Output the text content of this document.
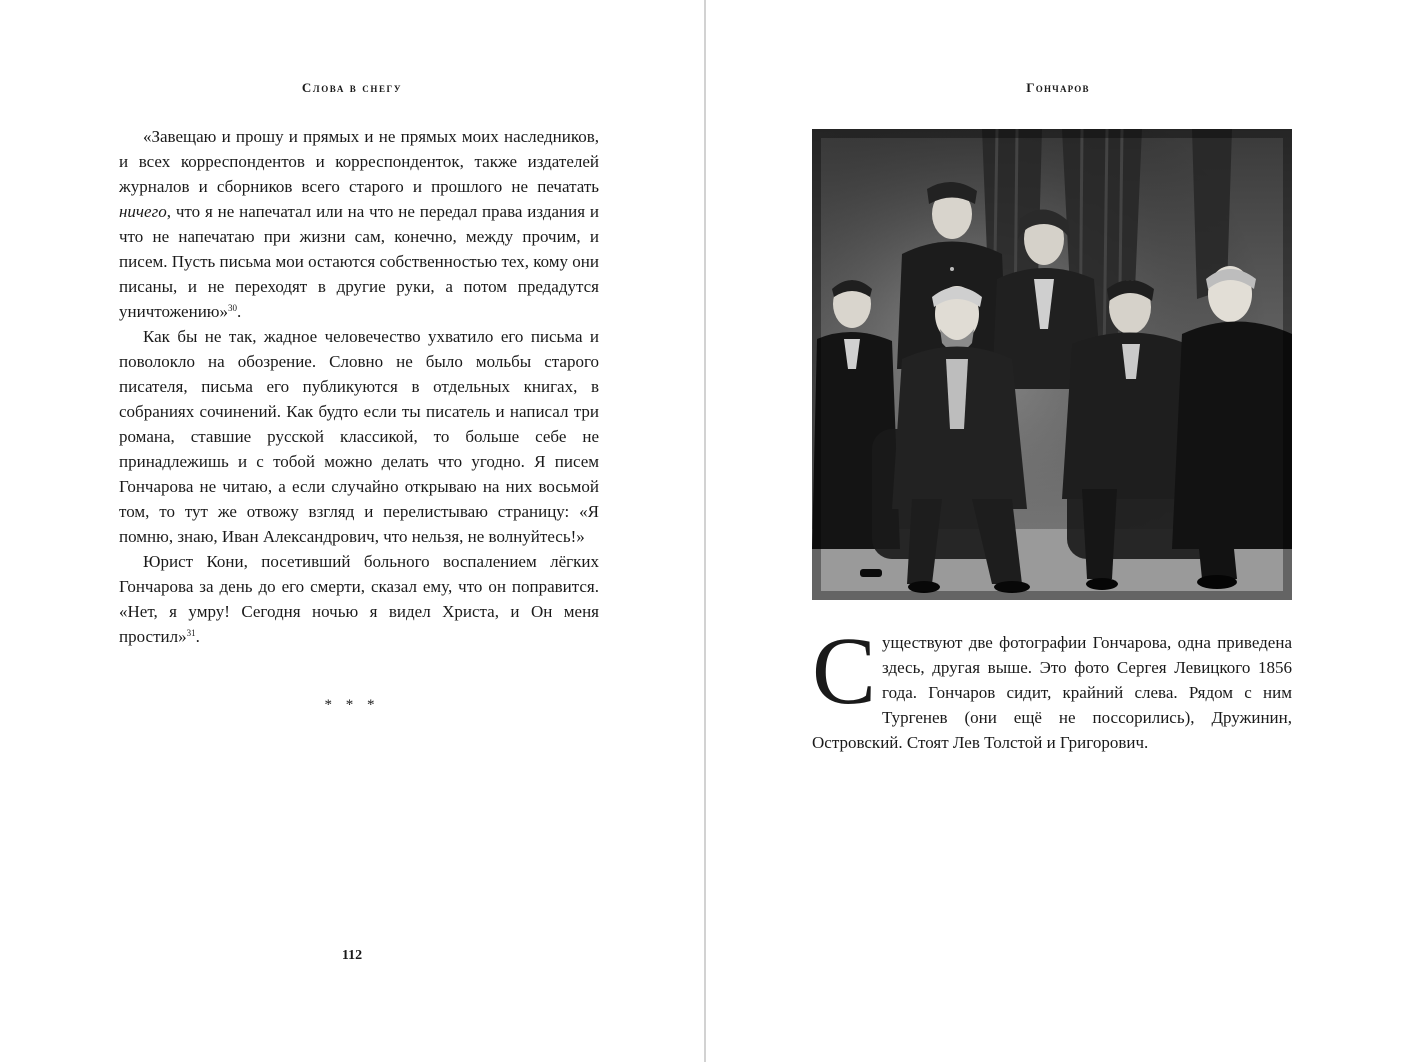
Слова в снегу

«Завещаю и прошу и прямых и не прямых моих наследников, и всех корреспондентов и корреспонденток, также издателей журналов и сборников всего старого и прошлого не печатать ничего, что я не напечатал или на что не передал права издания и что не напечатаю при жизни сам, конечно, между прочим, и писем. Пусть письма мои остаются собственностью тех, кому они писаны, и не переходят в другие руки, а потом предадутся уничтожению»$^{30}$.

Как бы не так, жадное человечество ухватило его письма и поволокло на обозрение. Словно не было мольбы старого писателя, письма его публикуются в отдельных книгах, в собраниях сочинений. Как будто если ты писатель и написал три романа, ставшие русской классикой, то больше себе не принадлежишь и с тобой можно делать что угодно. Я писем Гончарова не читаю, а если случайно открываю на них восьмой том, то тут же отвожу взгляд и перелистываю страницу: «Я помню, знаю, Иван Александрович, что нельзя, не волнуйтесь!»

Юрист Кони, посетивший больного воспалением лёгких Гончарова за день до его смерти, сказал ему, что он поправится. «Нет, я умру! Сегодня ночью я видел Христа, и Он меня простил»$^{31}$.

* * *

112

Гончаров

Существуют две фотографии Гончарова, одна приведена здесь, другая выше. Это фото Сергея Левицкого 1856 года. Гончаров сидит, крайний слева. Рядом с ним Тургенев (они ещё не поссорились), Дружинин, Островский. Стоят Лев Толстой и Григорович.
